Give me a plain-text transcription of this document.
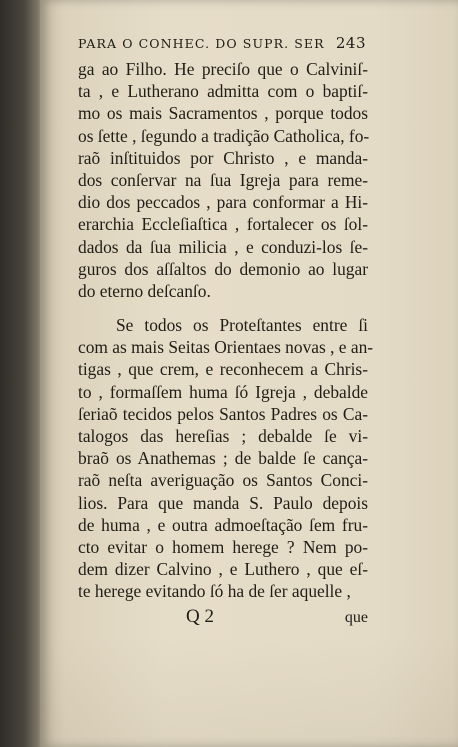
PARA O CONHEC. DO SUPR. SER 243
ga ao Filho. He preciſo que o Calviniſ-
ta , e Lutherano admitta com o baptiſ-
mo os mais Sacramentos , porque todos
os ſette , ſegundo a tradição Catholica, fo-
raõ inſtituidos por Christo , e manda-
dos conſervar na ſua Igreja para reme-
dio dos peccados , para conformar a Hi-
erarchia Eccleſiaſtica , fortalecer os ſol-
dados da ſua milicia , e conduzi-los ſe-
guros dos aſſaltos do demonio ao lugar
do eterno deſcanſo.
Se todos os Proteſtantes entre ſi
com as mais Seitas Orientaes novas , e an-
tigas , que crem, e reconhecem a Chris-
to , formaſſem huma ſó Igreja , debalde
ſeriaõ tecidos pelos Santos Padres os Ca-
talogos das hereſias ; debalde ſe vi-
braõ os Anathemas ; de balde ſe cança-
raõ neſta averiguação os Santos Conci-
lios. Para que manda S. Paulo depois
de huma , e outra admoeſtação ſem fru-
cto evitar o homem herege ? Nem po-
dem dizer Calvino , e Luthero , que eſ-
te herege evitando ſó ha de ſer aquelle ,
Q 2	que
